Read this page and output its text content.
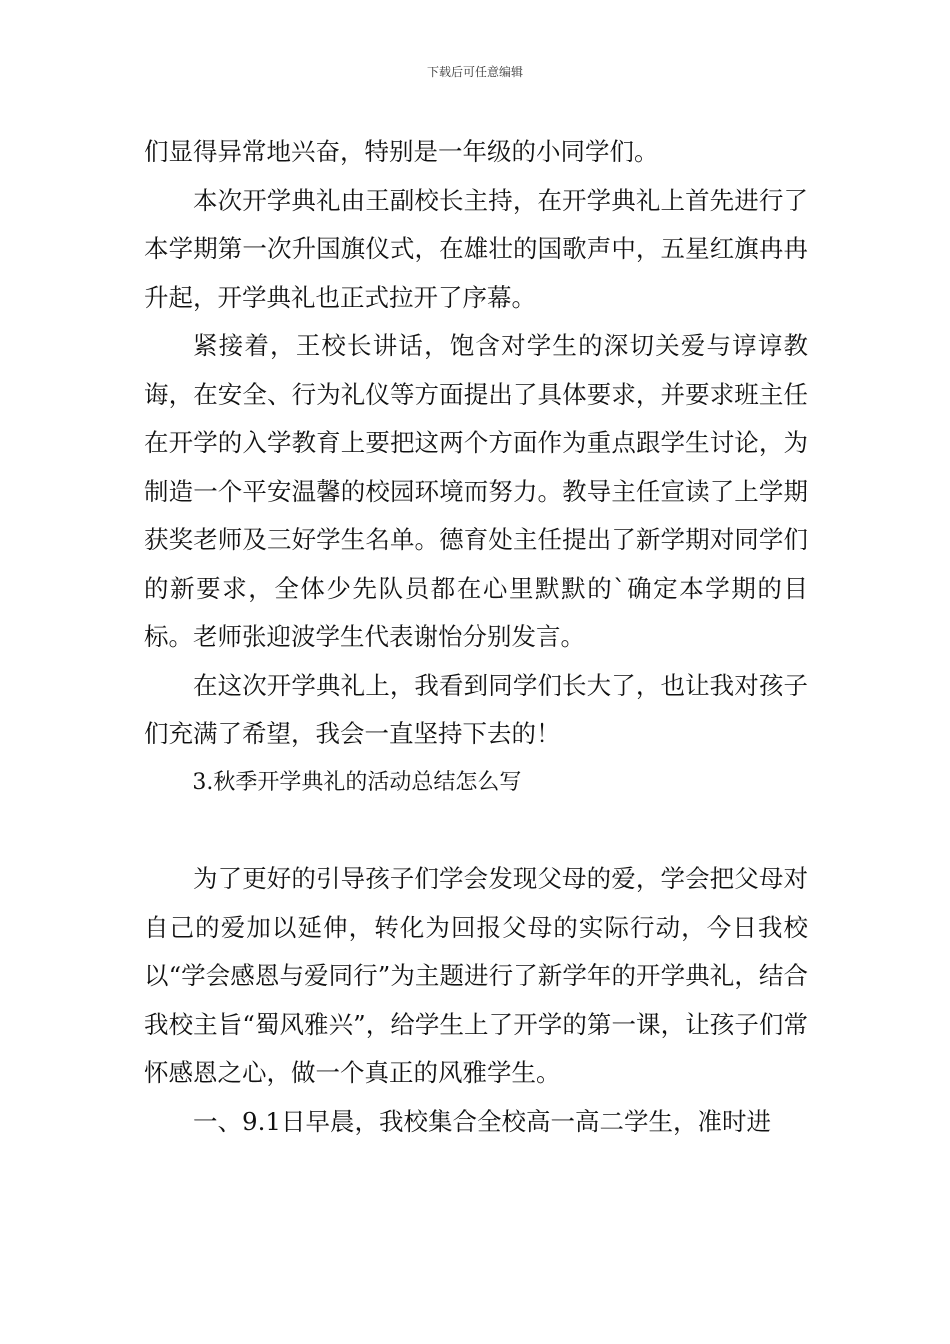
下载后可任意编辑

们显得异常地兴奋，特别是一年级的小同学们。

本次开学典礼由王副校长主持，在开学典礼上首先进行了本学期第一次升国旗仪式，在雄壮的国歌声中，五星红旗冉冉升起，开学典礼也正式拉开了序幕。

紧接着，王校长讲话，饱含对学生的深切关爱与谆谆教诲，在安全、行为礼仪等方面提出了具体要求，并要求班主任在开学的入学教育上要把这两个方面作为重点跟学生讨论，为制造一个平安温馨的校园环境而努力。教导主任宣读了上学期获奖老师及三好学生名单。德育处主任提出了新学期对同学们的新要求，全体少先队员都在心里默默的`确定本学期的目标。老师张迎波学生代表谢怡分别发言。

在这次开学典礼上，我看到同学们长大了，也让我对孩子们充满了希望，我会一直坚持下去的！

3.秋季开学典礼的活动总结怎么写

为了更好的引导孩子们学会发现父母的爱，学会把父母对自己的爱加以延伸，转化为回报父母的实际行动，今日我校以“学会感恩与爱同行”为主题进行了新学年的开学典礼，结合我校主旨“蜀风雅兴”，给学生上了开学的第一课，让孩子们常怀感恩之心，做一个真正的风雅学生。

一、9.1日早晨，我校集合全校高一高二学生，准时进
